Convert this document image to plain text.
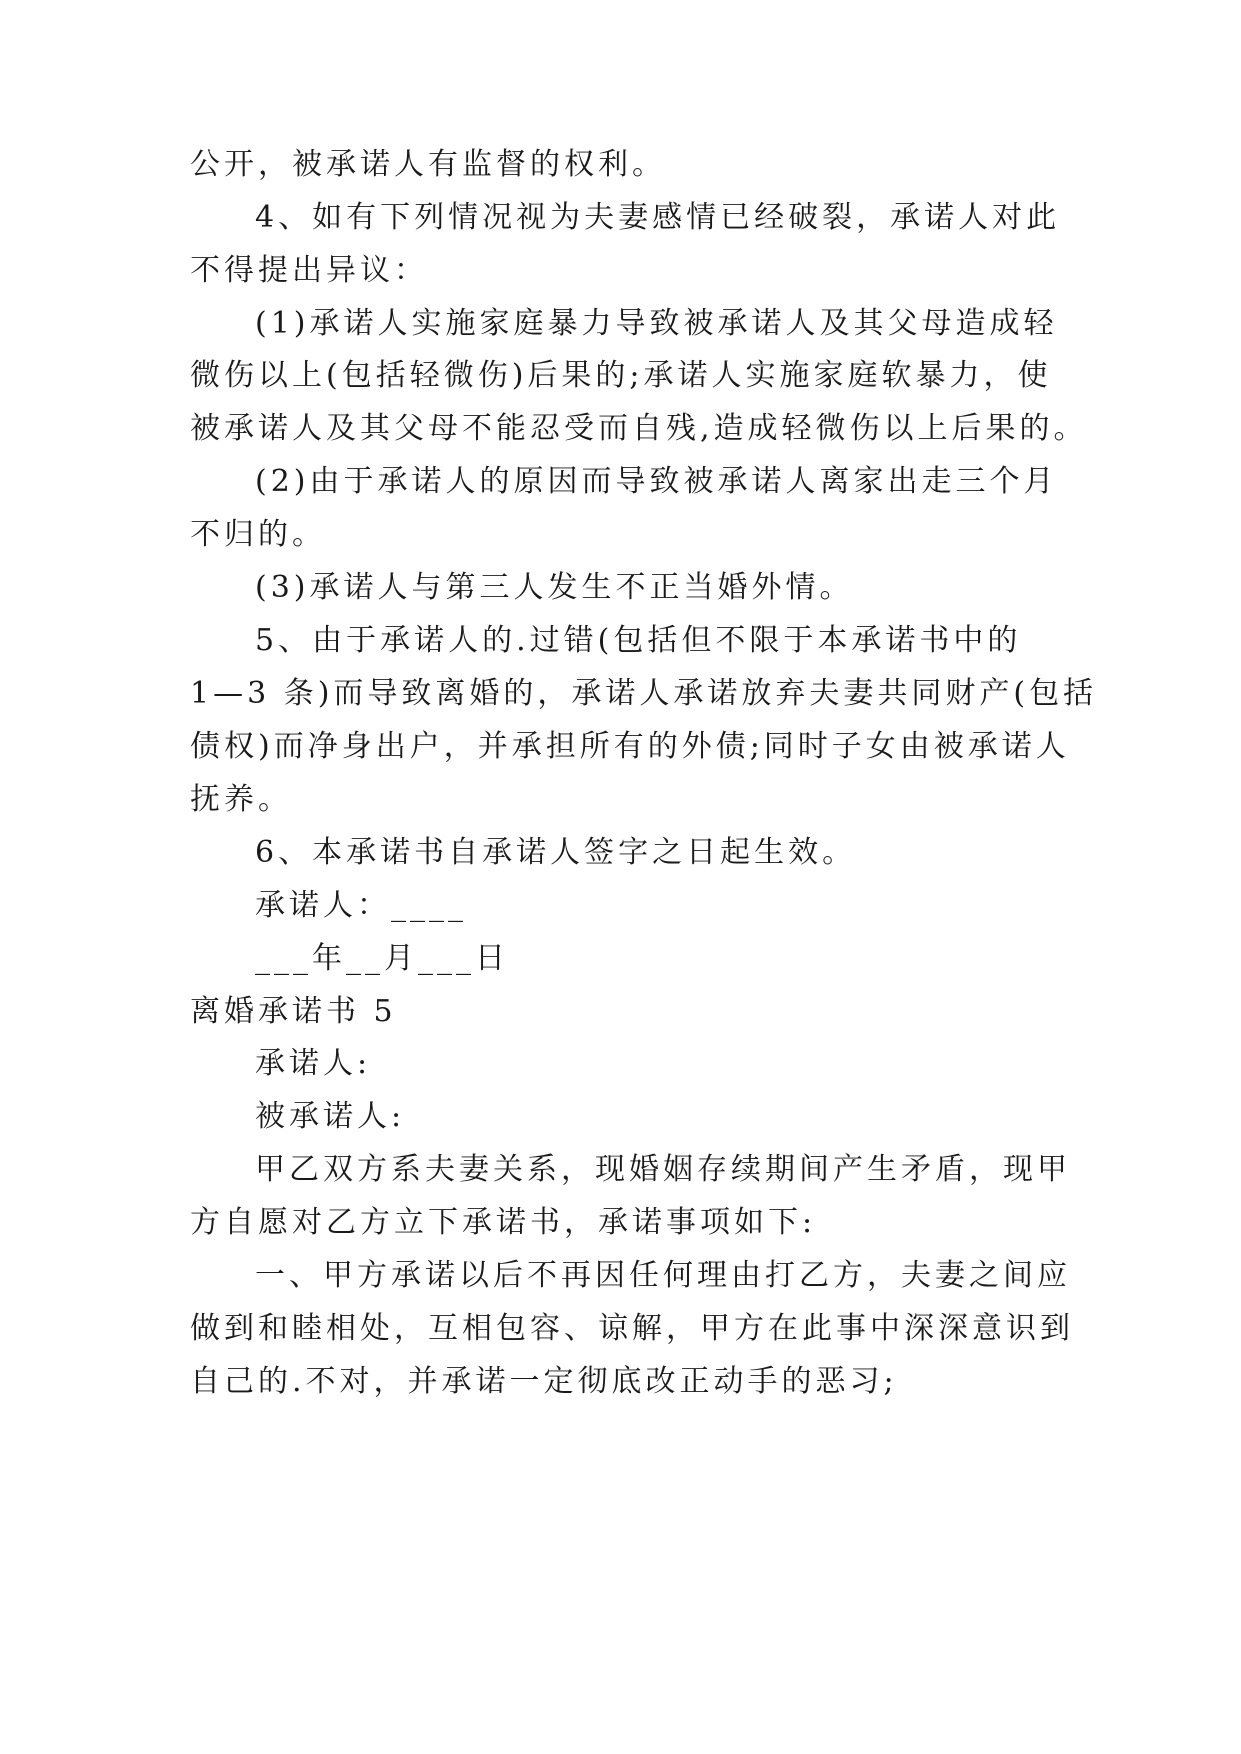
公开，被承诺人有监督的权利。
4、如有下列情况视为夫妻感情已经破裂，承诺人对此
不得提出异议：
(1)承诺人实施家庭暴力导致被承诺人及其父母造成轻
微伤以上(包括轻微伤)后果的;承诺人实施家庭软暴力，使
被承诺人及其父母不能忍受而自残,造成轻微伤以上后果的。
(2)由于承诺人的原因而导致被承诺人离家出走三个月
不归的。
(3)承诺人与第三人发生不正当婚外情。
5、由于承诺人的.过错(包括但不限于本承诺书中的
1—3 条)而导致离婚的，承诺人承诺放弃夫妻共同财产(包括
债权)而净身出户，并承担所有的外债;同时子女由被承诺人
抚养。
6、本承诺书自承诺人签字之日起生效。
承诺人：____
___年__月___日
离婚承诺书 5
承诺人:
被承诺人:
甲乙双方系夫妻关系，现婚姻存续期间产生矛盾，现甲
方自愿对乙方立下承诺书，承诺事项如下:
一、甲方承诺以后不再因任何理由打乙方，夫妻之间应
做到和睦相处，互相包容、谅解，甲方在此事中深深意识到
自己的.不对，并承诺一定彻底改正动手的恶习;
